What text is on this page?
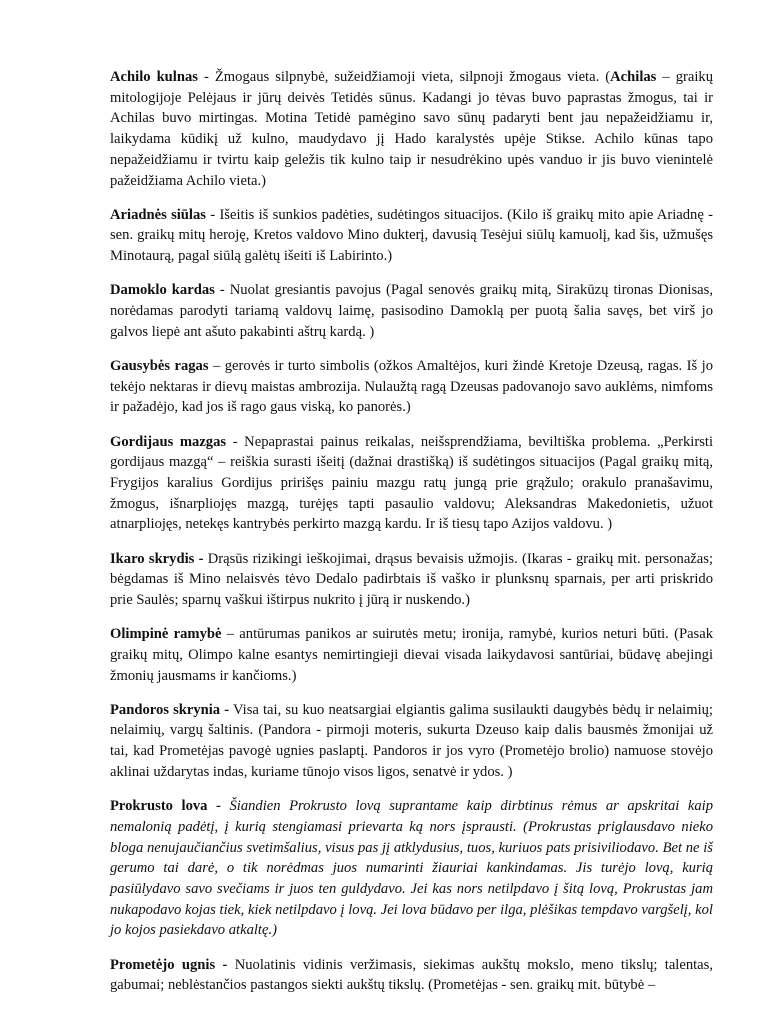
Achilo kulnas - Žmogaus silpnybė, sužeidžiamoji vieta, silpnoji žmogaus vieta. (Achilas – graikų mitologijoje Pelėjaus ir jūrų deivės Tetidės sūnus. Kadangi jo tėvas buvo paprastas žmogus, tai ir Achilas buvo mirtingas. Motina Tetidė pamėgino savo sūnų padaryti bent jau nepažeidžiamu ir, laikydama kūdikį už kulno, maudydavo jį Hado karalystės upėje Stikse. Achilo kūnas tapo nepažeidžiamu ir tvirtu kaip geležis tik kulno taip ir nesudrėkino upės vanduo ir jis buvo vienintelė pažeidžiama Achilo vieta.)

Ariadnės siūlas - Išeitis iš sunkios padėties, sudėtingos situacijos. (Kilo iš graikų mito apie Ariadnę - sen. graikų mitų heroję, Kretos valdovo Mino dukterį, davusią Tesėjui siūlų kamuolį, kad šis, užmušęs Minotaurą, pagal siūlą galėtų išeiti iš Labirinto.)

Damoklo kardas - Nuolat gresiantis pavojus (Pagal senovės graikų mitą, Sirakūzų tironas Dionisas, norėdamas parodyti tariamą valdovų laimę, pasisodino Damoklą per puotą šalia savęs, bet virš jo galvos liepė ant ašuto pakabinti aštrų kardą. )

Gausybės ragas – gerovės ir turto simbolis (ožkos Amaltėjos, kuri žindė Kretoje Dzeusą, ragas. Iš jo tekėjo nektaras ir dievų maistas ambrozija. Nulaužtą ragą Dzeusas padovanojo savo auklėms, nimfoms ir pažadėjo, kad jos iš rago gaus viską, ko panorės.)

Gordijaus mazgas - Nepaprastai painus reikalas, neišsprendžiama, beviltiška problema. „Perkirsti gordijaus mazgą“ – reiškia surasti išeitį (dažnai drastišką) iš sudėtingos situacijos (Pagal graikų mitą, Frygijos karalius Gordijus pririšęs painiu mazgu ratų jungą prie grąžulo; orakulo pranašavimu, žmogus, išnarpliojęs mazgą, turėjęs tapti pasaulio valdovu; Aleksandras Makedonietis, užuot atnarpliojęs, netekęs kantrybės perkirto mazgą kardu. Ir iš tiesų tapo Azijos valdovu. )

Ikaro skrydis - Drąsūs rizikingi ieškojimai, drąsus bevaisis užmojis. (Ikaras - graikų mit. personažas; bėgdamas iš Mino nelaisvės tėvo Dedalo padirbtais iš vaško ir plunksnų sparnais, per arti priskrido prie Saulės; sparnų vaškui ištirpus nukrito į jūrą ir nuskendo.)

Olimpinė ramybė – antūrumas panikos ar suirutės metu; ironija, ramybė, kurios neturi būti. (Pasak graikų mitų, Olimpo kalne esantys nemirtingieji dievai visada laikydavosi santūriai, būdavę abejingi žmonių jausmams ir kančioms.)

Pandoros skrynia - Visa tai, su kuo neatsargiai elgiantis galima susilaukti daugybės bėdų ir nelaimių; nelaimių, vargų šaltinis. (Pandora - pirmoji moteris, sukurta Dzeuso kaip dalis bausmės žmonijai už tai, kad Prometėjas pavogė ugnies paslaptį. Pandoros ir jos vyro (Prometėjo brolio) namuose stovėjo aklinai uždarytas indas, kuriame tūnojo visos ligos, senatvė ir ydos. )

Prokrusto lova - Šiandien Prokrusto lovą suprantame kaip dirbtinus rėmus ar apskritai kaip nemalonią padėtį, į kurią stengiamasi prievarta ką nors įsprausti. (Prokrustas priglausdavo nieko bloga nenujaučiančius svetimšalius, visus pas jį atklydusius, tuos, kuriuos pats prisiviliodavo. Bet ne iš gerumo tai darė, o tik norėdmas juos numarinti žiauriai kankindamas. Jis turėjo lovą, kurią pasiūlydavo savo svečiams ir juos ten guldydavo. Jei kas nors netilpdavo į šitą lovą, Prokrustas jam nukapodavo kojas tiek, kiek netilpdavo į lovą. Jei lova būdavo per ilga, plėšikas tempdavo vargšelį, kol jo kojos pasiekdavo atkaltę.)

Prometėjo ugnis - Nuolatinis vidinis veržimasis, siekimas aukštų mokslo, meno tikslų; talentas, gabumai; neblėstančios pastangos siekti aukštų tikslų. (Prometėjas - sen. graikų mit. būtybė –
